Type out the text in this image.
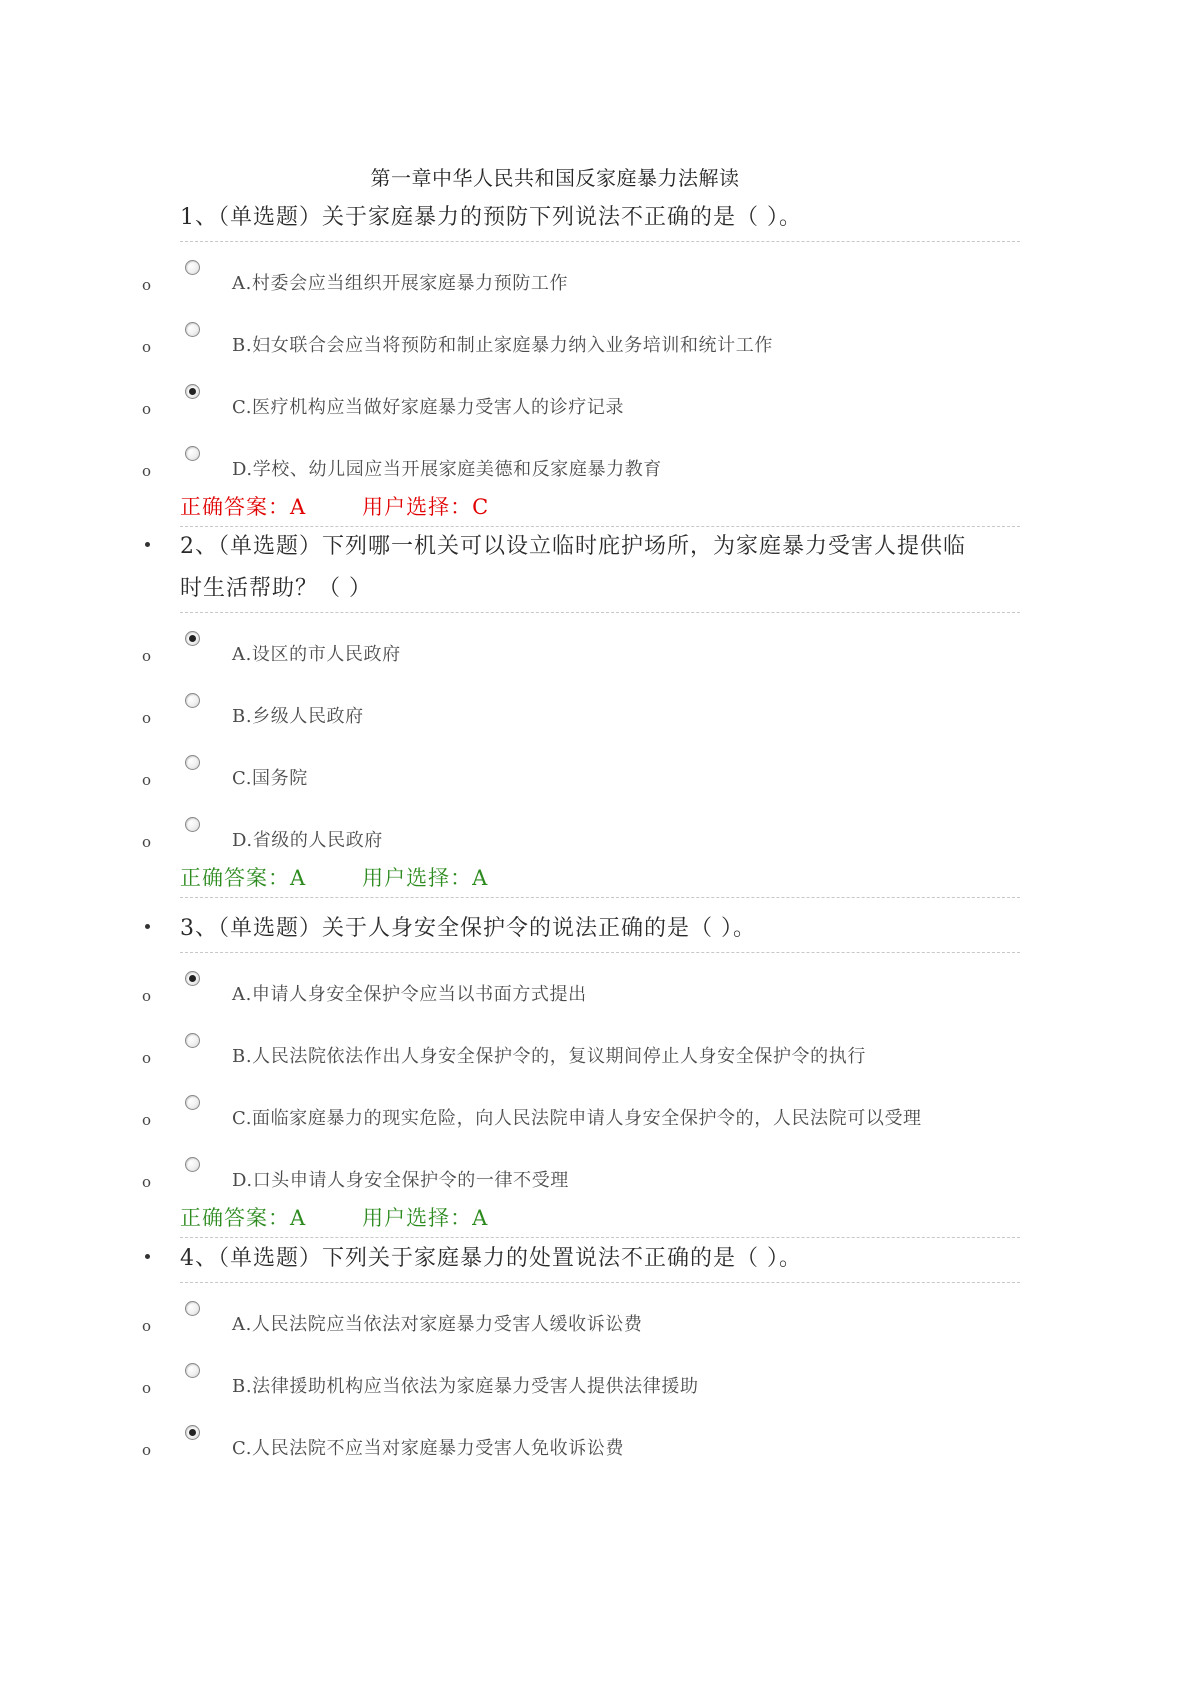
第一章中华人民共和国反家庭暴力法解读
1、（单选题）关于家庭暴力的预防下列说法不正确的是（ ）。
o	A.村委会应当组织开展家庭暴力预防工作
o	B.妇女联合会应当将预防和制止家庭暴力纳入业务培训和统计工作
o	C.医疗机构应当做好家庭暴力受害人的诊疗记录
o	D.学校、幼儿园应当开展家庭美德和反家庭暴力教育
正确答案：A	用户选择：C
2、（单选题）下列哪一机关可以设立临时庇护场所，为家庭暴力受害人提供临
时生活帮助？（ ）
o	A.设区的市人民政府
o	B.乡级人民政府
o	C.国务院
o	D.省级的人民政府
正确答案：A	用户选择：A
3、（单选题）关于人身安全保护令的说法正确的是（ ）。
o	A.申请人身安全保护令应当以书面方式提出
o	B.人民法院依法作出人身安全保护令的，复议期间停止人身安全保护令的执行
o	C.面临家庭暴力的现实危险，向人民法院申请人身安全保护令的，人民法院可以受理
o	D.口头申请人身安全保护令的一律不受理
正确答案：A	用户选择：A
4、（单选题）下列关于家庭暴力的处置说法不正确的是（ ）。
o	A.人民法院应当依法对家庭暴力受害人缓收诉讼费
o	B.法律援助机构应当依法为家庭暴力受害人提供法律援助
o	C.人民法院不应当对家庭暴力受害人免收诉讼费
